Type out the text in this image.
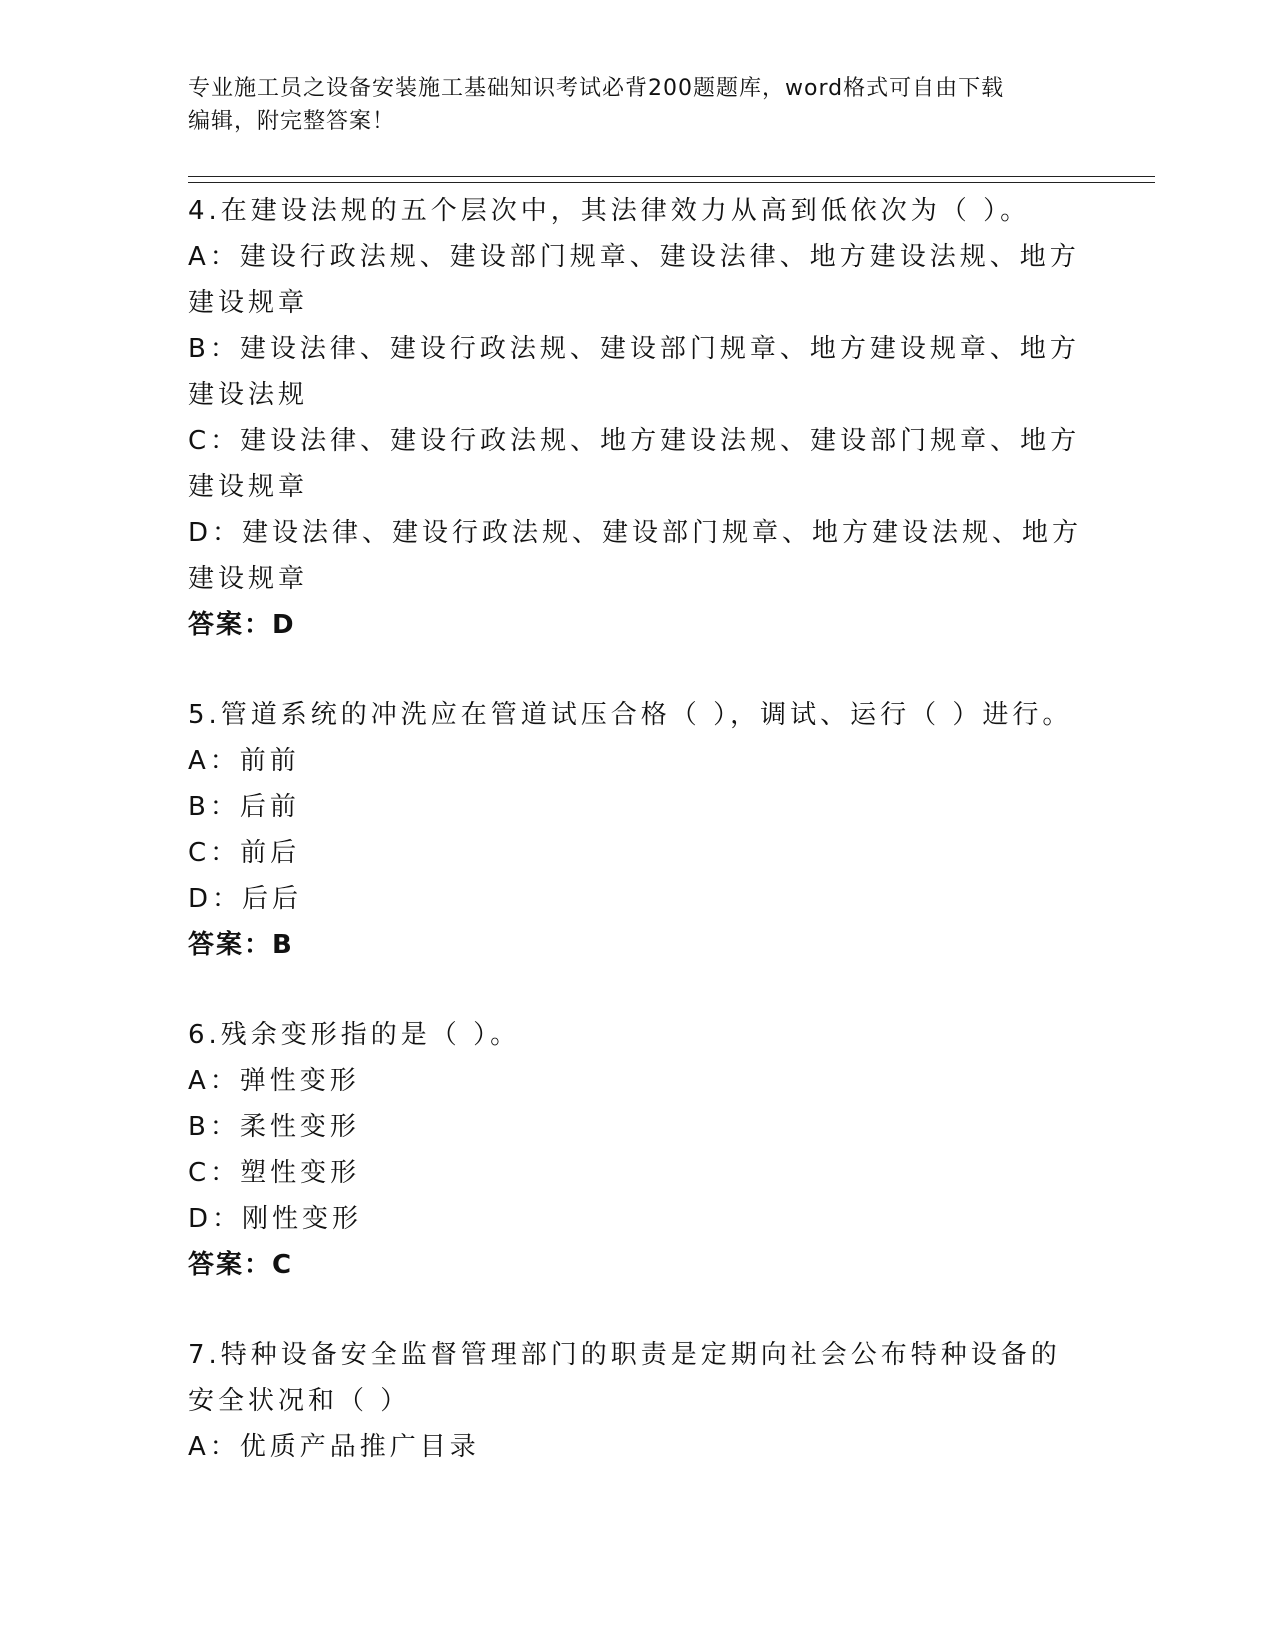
专业施工员之设备安装施工基础知识考试必背200题题库，word格式可自由下载
编辑，附完整答案！
4.在建设法规的五个层次中，其法律效力从高到低依次为（ ）。
A：建设行政法规、建设部门规章、建设法律、地方建设法规、地方建设规章
B：建设法律、建设行政法规、建设部门规章、地方建设规章、地方建设法规
C：建设法律、建设行政法规、地方建设法规、建设部门规章、地方建设规章
D：建设法律、建设行政法规、建设部门规章、地方建设法规、地方建设规章
答案：D
5.管道系统的冲洗应在管道试压合格（ ），调试、运行（ ）进行。
A：前前
B：后前
C：前后
D：后后
答案：B
6.残余变形指的是（ ）。
A：弹性变形
B：柔性变形
C：塑性变形
D：刚性变形
答案：C
7.特种设备安全监督管理部门的职责是定期向社会公布特种设备的安全状况和（ ）
A：优质产品推广目录
